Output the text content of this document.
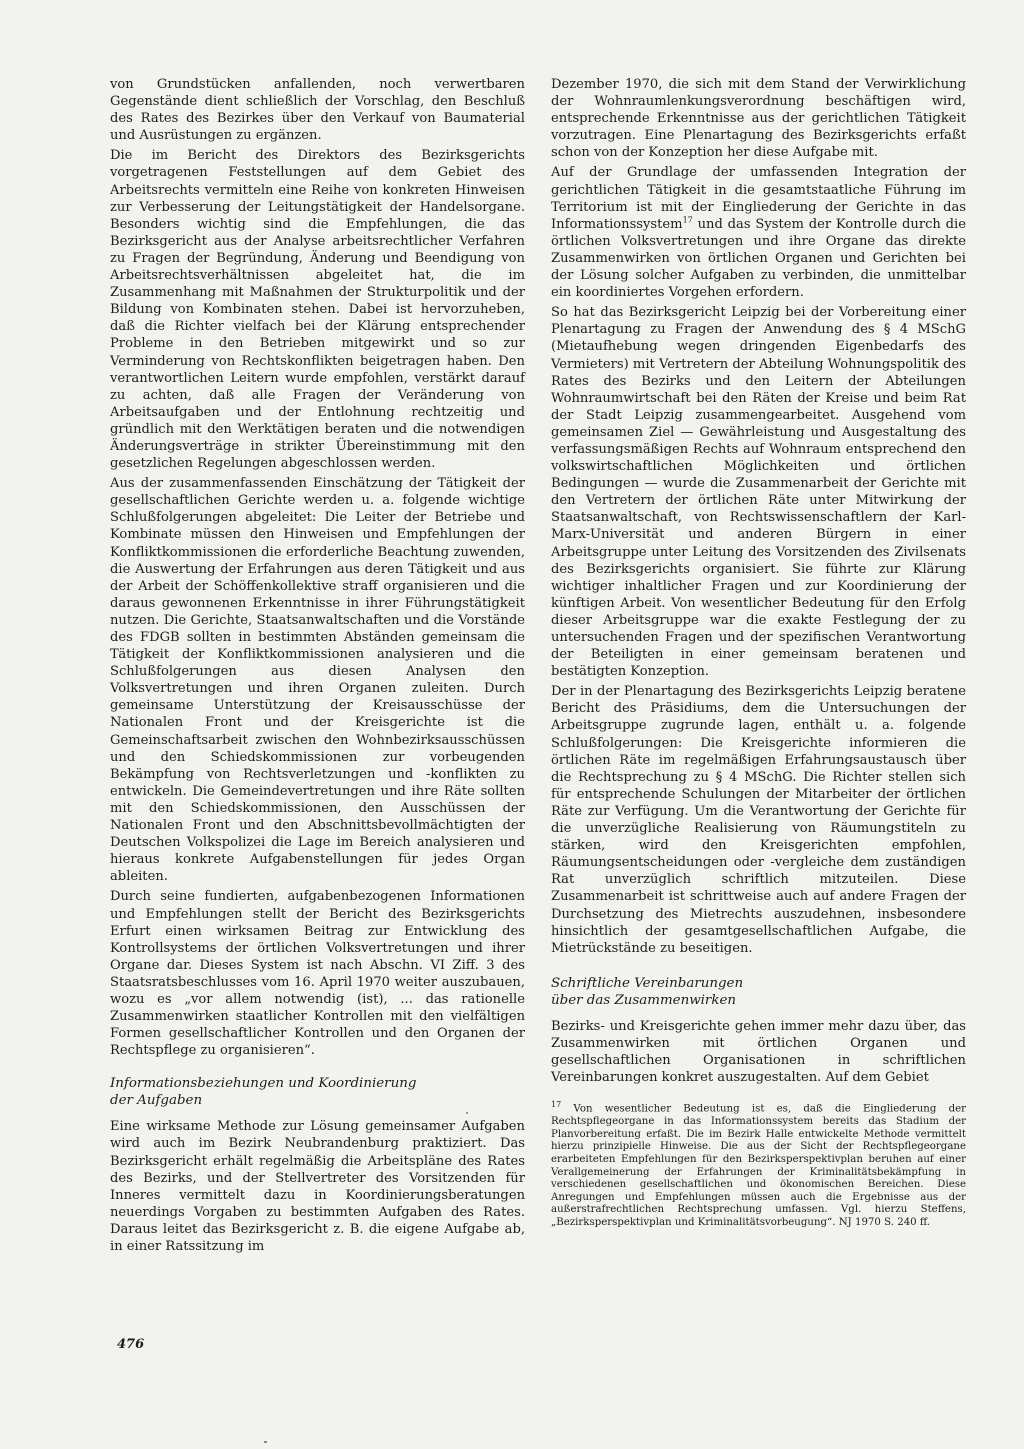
von Grundstücken anfallenden, noch verwertbaren Gegenstände dient schließlich der Vorschlag, den Beschluß des Rates des Bezirkes über den Verkauf von Baumaterial und Ausrüstungen zu ergänzen.

Die im Bericht des Direktors des Bezirksgerichts vorgetragenen Feststellungen auf dem Gebiet des Arbeitsrechts vermitteln eine Reihe von konkreten Hinweisen zur Verbesserung der Leitungstätigkeit der Handelsorgane. Besonders wichtig sind die Empfehlungen, die das Bezirksgericht aus der Analyse arbeitsrechtlicher Verfahren zu Fragen der Begründung, Änderung und Beendigung von Arbeitsrechtsverhältnissen abgeleitet hat, die im Zusammenhang mit Maßnahmen der Strukturpolitik und der Bildung von Kombinaten stehen. Dabei ist hervorzuheben, daß die Richter vielfach bei der Klärung entsprechender Probleme in den Betrieben mitgewirkt und so zur Verminderung von Rechtskonflikten beigetragen haben. Den verantwortlichen Leitern wurde empfohlen, verstärkt darauf zu achten, daß alle Fragen der Veränderung von Arbeitsaufgaben und der Entlohnung rechtzeitig und gründlich mit den Werktätigen beraten und die notwendigen Änderungsverträge in strikter Übereinstimmung mit den gesetzlichen Regelungen abgeschlossen werden.

Aus der zusammenfassenden Einschätzung der Tätigkeit der gesellschaftlichen Gerichte werden u. a. folgende wichtige Schlußfolgerungen abgeleitet: Die Leiter der Betriebe und Kombinate müssen den Hinweisen und Empfehlungen der Konfliktkommissionen die erforderliche Beachtung zuwenden, die Auswertung der Erfahrungen aus deren Tätigkeit und aus der Arbeit der Schöffenkollektive straff organisieren und die daraus gewonnenen Erkenntnisse in ihrer Führungstätigkeit nutzen. Die Gerichte, Staatsanwaltschaften und die Vorstände des FDGB sollten in bestimmten Abständen gemeinsam die Tätigkeit der Konfliktkommissionen analysieren und die Schlußfolgerungen aus diesen Analysen den Volksvertretungen und ihren Organen zuleiten. Durch gemeinsame Unterstützung der Kreisausschüsse der Nationalen Front und der Kreisgerichte ist die Gemeinschaftsarbeit zwischen den Wohnbezirksausschüssen und den Schiedskommissionen zur vorbeugenden Bekämpfung von Rechtsverletzungen und -konflikten zu entwickeln. Die Gemeindevertretungen und ihre Räte sollten mit den Schiedskommissionen, den Ausschüssen der Nationalen Front und den Abschnittsbevollmächtigten der Deutschen Volkspolizei die Lage im Bereich analysieren und hieraus konkrete Aufgabenstellungen für jedes Organ ableiten.

Durch seine fundierten, aufgabenbezogenen Informationen und Empfehlungen stellt der Bericht des Bezirksgerichts Erfurt einen wirksamen Beitrag zur Entwicklung des Kontrollsystems der örtlichen Volksvertretungen und ihrer Organe dar. Dieses System ist nach Abschn. VI Ziff. 3 des Staatsratsbeschlusses vom 16. April 1970 weiter auszubauen, wozu es „vor allem notwendig (ist), ... das rationelle Zusammenwirken staatlicher Kontrollen mit den vielfältigen Formen gesellschaftlicher Kontrollen und den Organen der Rechtspflege zu organisieren“.

Informationsbeziehungen und Koordinierung
der Aufgaben

Eine wirksame Methode zur Lösung gemeinsamer Aufgaben wird auch im Bezirk Neubrandenburg praktiziert. Das Bezirksgericht erhält regelmäßig die Arbeitspläne des Rates des Bezirks, und der Stellvertreter des Vorsitzenden für Inneres vermittelt dazu in Koordinierungsberatungen neuerdings Vorgaben zu bestimmten Aufgaben des Rates. Daraus leitet das Bezirksgericht z. B. die eigene Aufgabe ab, in einer Ratssitzung im

Dezember 1970, die sich mit dem Stand der Verwirklichung der Wohnraumlenkungsverordnung beschäftigen wird, entsprechende Erkenntnisse aus der gerichtlichen Tätigkeit vorzutragen. Eine Plenartagung des Bezirksgerichts erfaßt schon von der Konzeption her diese Aufgabe mit.

Auf der Grundlage der umfassenden Integration der gerichtlichen Tätigkeit in die gesamtstaatliche Führung im Territorium ist mit der Eingliederung der Gerichte in das Informationssystem$^{17}$ und das System der Kontrolle durch die örtlichen Volksvertretungen und ihre Organe das direkte Zusammenwirken von örtlichen Organen und Gerichten bei der Lösung solcher Aufgaben zu verbinden, die unmittelbar ein koordiniertes Vorgehen erfordern.

So hat das Bezirksgericht Leipzig bei der Vorbereitung einer Plenartagung zu Fragen der Anwendung des § 4 MSchG (Mietaufhebung wegen dringenden Eigenbedarfs des Vermieters) mit Vertretern der Abteilung Wohnungspolitik des Rates des Bezirks und den Leitern der Abteilungen Wohnraumwirtschaft bei den Räten der Kreise und beim Rat der Stadt Leipzig zusammengearbeitet. Ausgehend vom gemeinsamen Ziel — Gewährleistung und Ausgestaltung des verfassungsmäßigen Rechts auf Wohnraum entsprechend den volkswirtschaftlichen Möglichkeiten und örtlichen Bedingungen — wurde die Zusammenarbeit der Gerichte mit den Vertretern der örtlichen Räte unter Mitwirkung der Staatsanwaltschaft, von Rechtswissenschaftlern der Karl-Marx-Universität und anderen Bürgern in einer Arbeitsgruppe unter Leitung des Vorsitzenden des Zivilsenats des Bezirksgerichts organisiert. Sie führte zur Klärung wichtiger inhaltlicher Fragen und zur Koordinierung der künftigen Arbeit. Von wesentlicher Bedeutung für den Erfolg dieser Arbeitsgruppe war die exakte Festlegung der zu untersuchenden Fragen und der spezifischen Verantwortung der Beteiligten in einer gemeinsam beratenen und bestätigten Konzeption.

Der in der Plenartagung des Bezirksgerichts Leipzig beratene Bericht des Präsidiums, dem die Untersuchungen der Arbeitsgruppe zugrunde lagen, enthält u. a. folgende Schlußfolgerungen: Die Kreisgerichte informieren die örtlichen Räte im regelmäßigen Erfahrungsaustausch über die Rechtsprechung zu § 4 MSchG. Die Richter stellen sich für entsprechende Schulungen der Mitarbeiter der örtlichen Räte zur Verfügung. Um die Verantwortung der Gerichte für die unverzügliche Realisierung von Räumungstiteln zu stärken, wird den Kreisgerichten empfohlen, Räumungsentscheidungen oder -vergleiche dem zuständigen Rat unverzüglich schriftlich mitzuteilen. Diese Zusammenarbeit ist schrittweise auch auf andere Fragen der Durchsetzung des Mietrechts auszudehnen, insbesondere hinsichtlich der gesamtgesellschaftlichen Aufgabe, die Mietrückstände zu beseitigen.

Schriftliche Vereinbarungen
über das Zusammenwirken

Bezirks- und Kreisgerichte gehen immer mehr dazu über, das Zusammenwirken mit örtlichen Organen und gesellschaftlichen Organisationen in schriftlichen Vereinbarungen konkret auszugestalten. Auf dem Gebiet

$^{17}$ Von wesentlicher Bedeutung ist es, daß die Eingliederung der Rechtspflegeorgane in das Informationssystem bereits das Stadium der Planvorbereitung erfaßt. Die im Bezirk Halle entwickelte Methode vermittelt hierzu prinzipielle Hinweise. Die aus der Sicht der Rechtspflegeorgane erarbeiteten Empfehlungen für den Bezirksperspektivplan beruhen auf einer Verallgemeinerung der Erfahrungen der Kriminalitätsbekämpfung in verschiedenen gesellschaftlichen und ökonomischen Bereichen. Diese Anregungen und Empfehlungen müssen auch die Ergebnisse aus der außerstrafrechtlichen Rechtsprechung umfassen. Vgl. hierzu Steffens, „Bezirksperspektivplan und Kriminalitätsvorbeugung“. NJ 1970 S. 240 ff.

476
